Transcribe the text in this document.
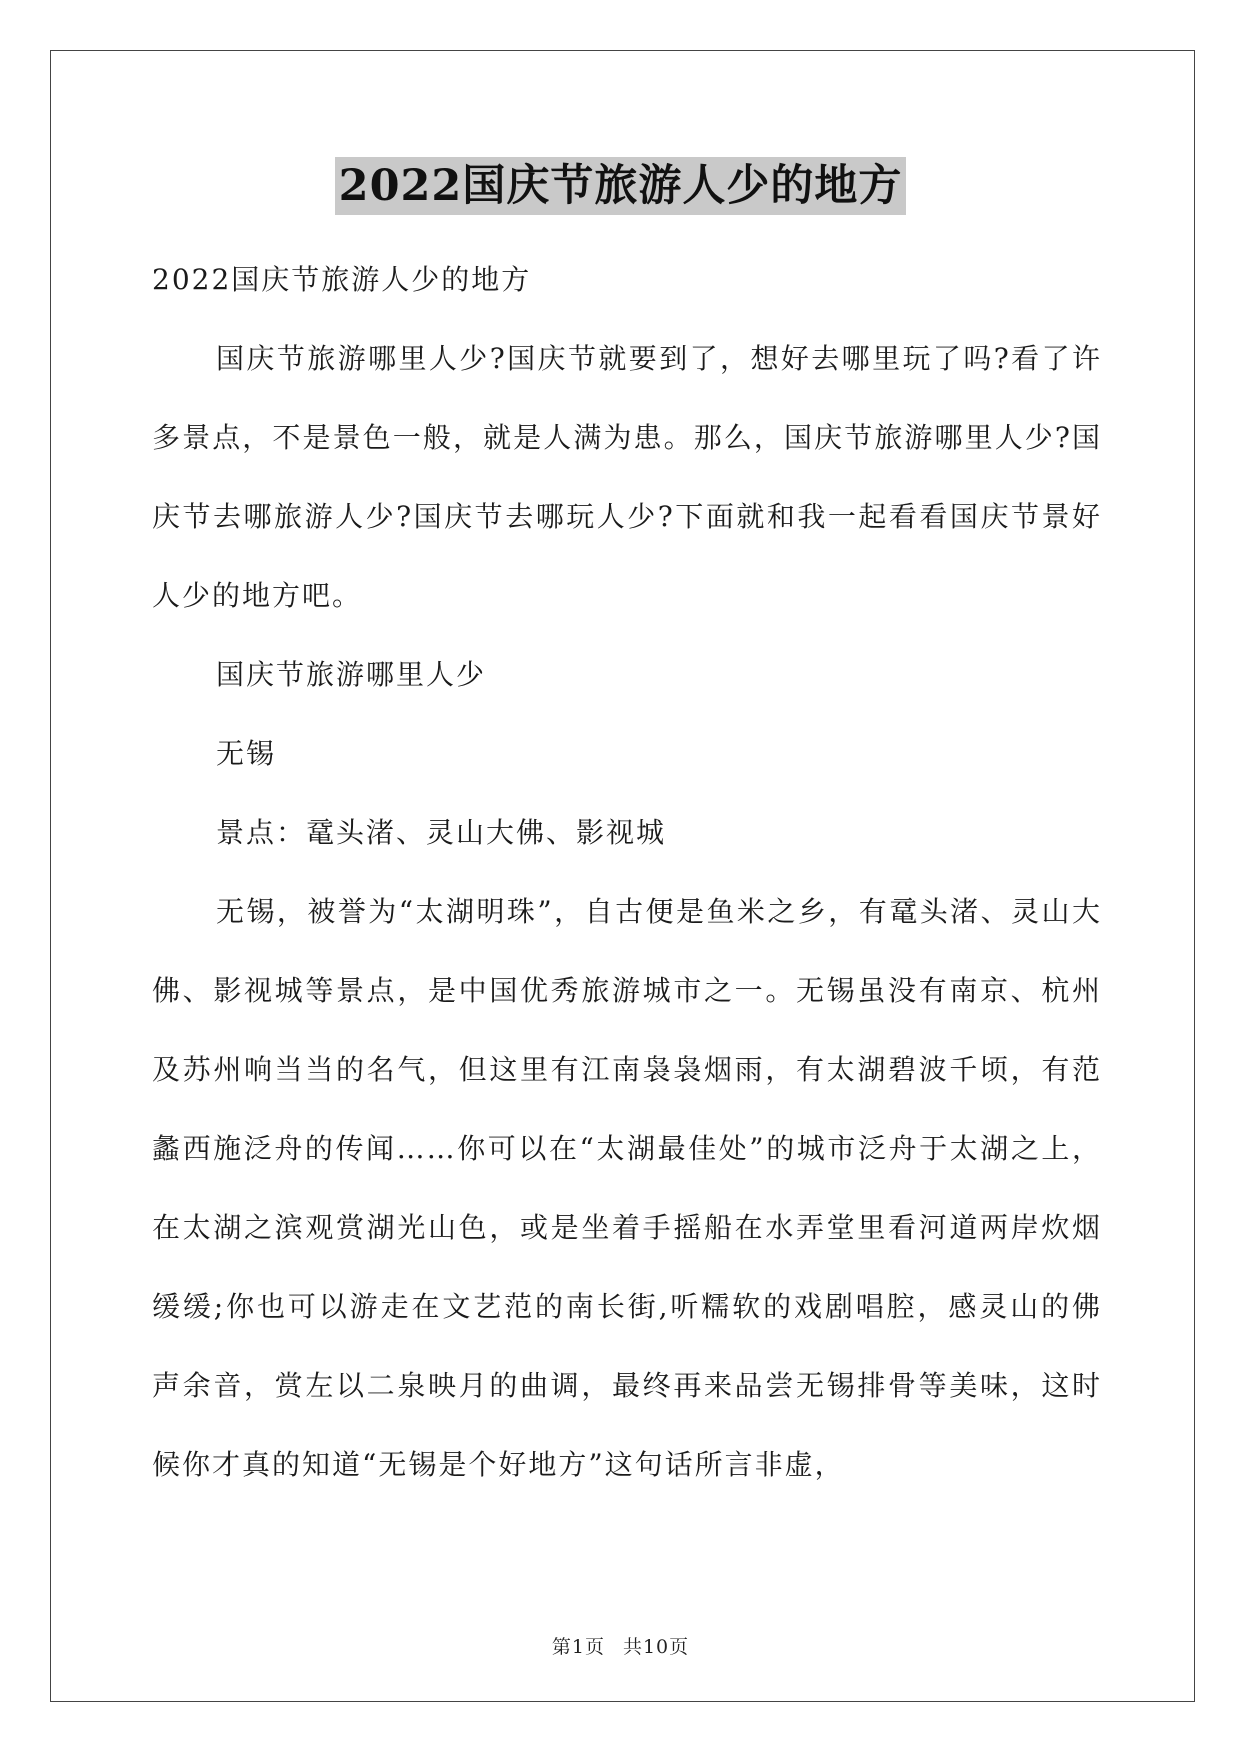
2022国庆节旅游人少的地方

2022国庆节旅游人少的地方

国庆节旅游哪里人少?国庆节就要到了，想好去哪里玩了吗?看了许多景点，不是景色一般，就是人满为患。那么，国庆节旅游哪里人少?国庆节去哪旅游人少?国庆节去哪玩人少?下面就和我一起看看国庆节景好人少的地方吧。

国庆节旅游哪里人少

无锡

景点：鼋头渚、灵山大佛、影视城

无锡，被誉为“太湖明珠”，自古便是鱼米之乡，有鼋头渚、灵山大佛、影视城等景点，是中国优秀旅游城市之一。无锡虽没有南京、杭州及苏州响当当的名气，但这里有江南袅袅烟雨，有太湖碧波千顷，有范蠡西施泛舟的传闻……你可以在“太湖最佳处”的城市泛舟于太湖之上，在太湖之滨观赏湖光山色，或是坐着手摇船在水弄堂里看河道两岸炊烟缓缓;你也可以游走在文艺范的南长街,听糯软的戏剧唱腔，感灵山的佛声余音，赏左以二泉映月的曲调，最终再来品尝无锡排骨等美味，这时候你才真的知道“无锡是个好地方”这句话所言非虚，

第1页 共10页
